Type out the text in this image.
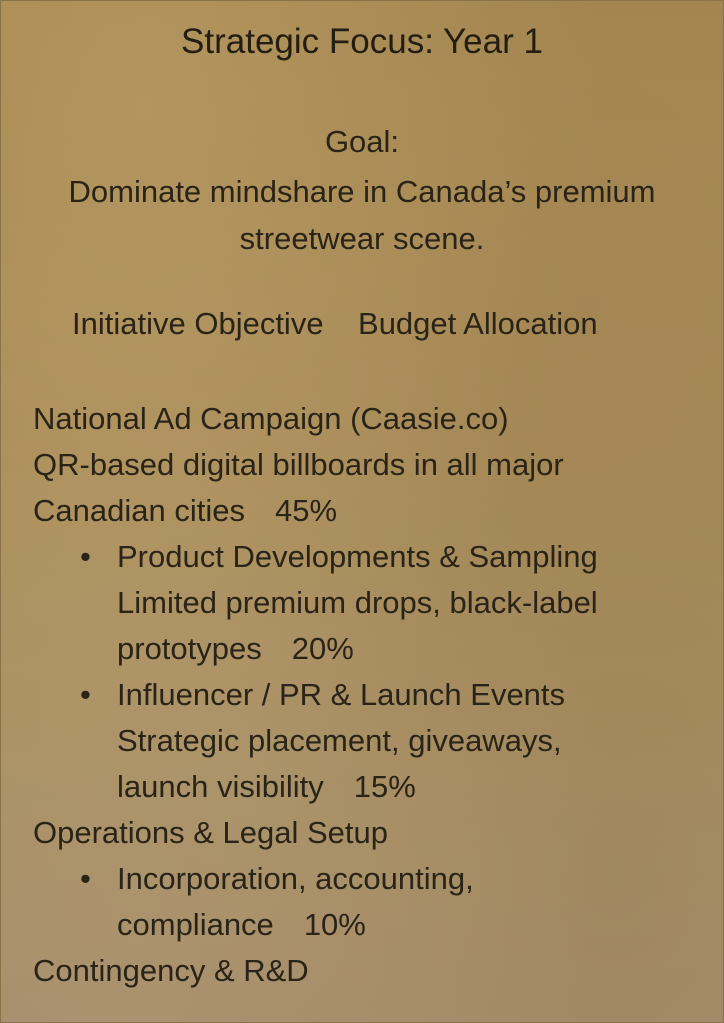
Strategic Focus: Year 1
Goal:
Dominate mindshare in Canada’s premium
streetwear scene.
Initiative Objective Budget Allocation
National Ad Campaign (Caasie.co)
QR-based digital billboards in all major
Canadian cities 45%
• Product Developments & Sampling
Limited premium drops, black-label
prototypes 20%
• Influencer / PR & Launch Events
Strategic placement, giveaways,
launch visibility 15%
Operations & Legal Setup
• Incorporation, accounting,
compliance 10%
Contingency & R&D
